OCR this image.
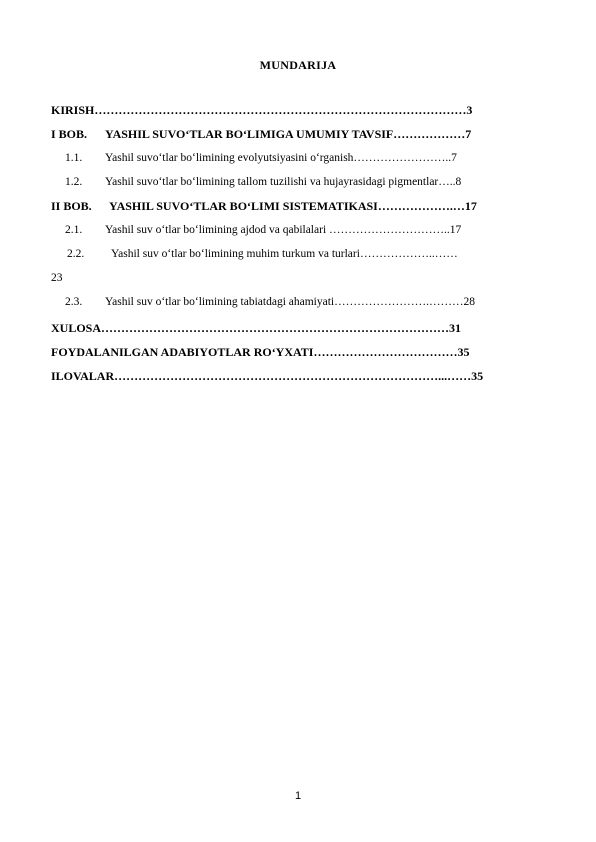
MUNDARIJA
KIRISH…………………………………………………………………………………3
I BOB. YASHIL SUVO‘TLAR BO‘LIMIGA UMUMIY TAVSIF………………7
1.1. Yashil suvo‘tlar bo‘limining evolyutsiyasini o‘rganish……………………..7
1.2. Yashil suvo‘tlar bo‘limining tallom tuzilishi va hujayrasidagi pigmentlar…..8
II BOB. YASHIL SUVO‘TLAR BO‘LIMI SISTEMATIKASI……………….…17
2.1. Yashil suv o‘tlar bo‘limining ajdod va qabilalari …………………………..17
2.2. Yashil suv o‘tlar bo‘limining muhim turkum va turlari………………..……
23
2.3. Yashil suv o‘tlar bo‘limining tabiatdagi ahamiyati…………………….………28
XULOSA……………………………………………………………………………31
FOYDALANILGAN ADABIYOTLAR RO‘YXATI………………………………35
ILOVALAR………………………………………………………………………...……35
1
